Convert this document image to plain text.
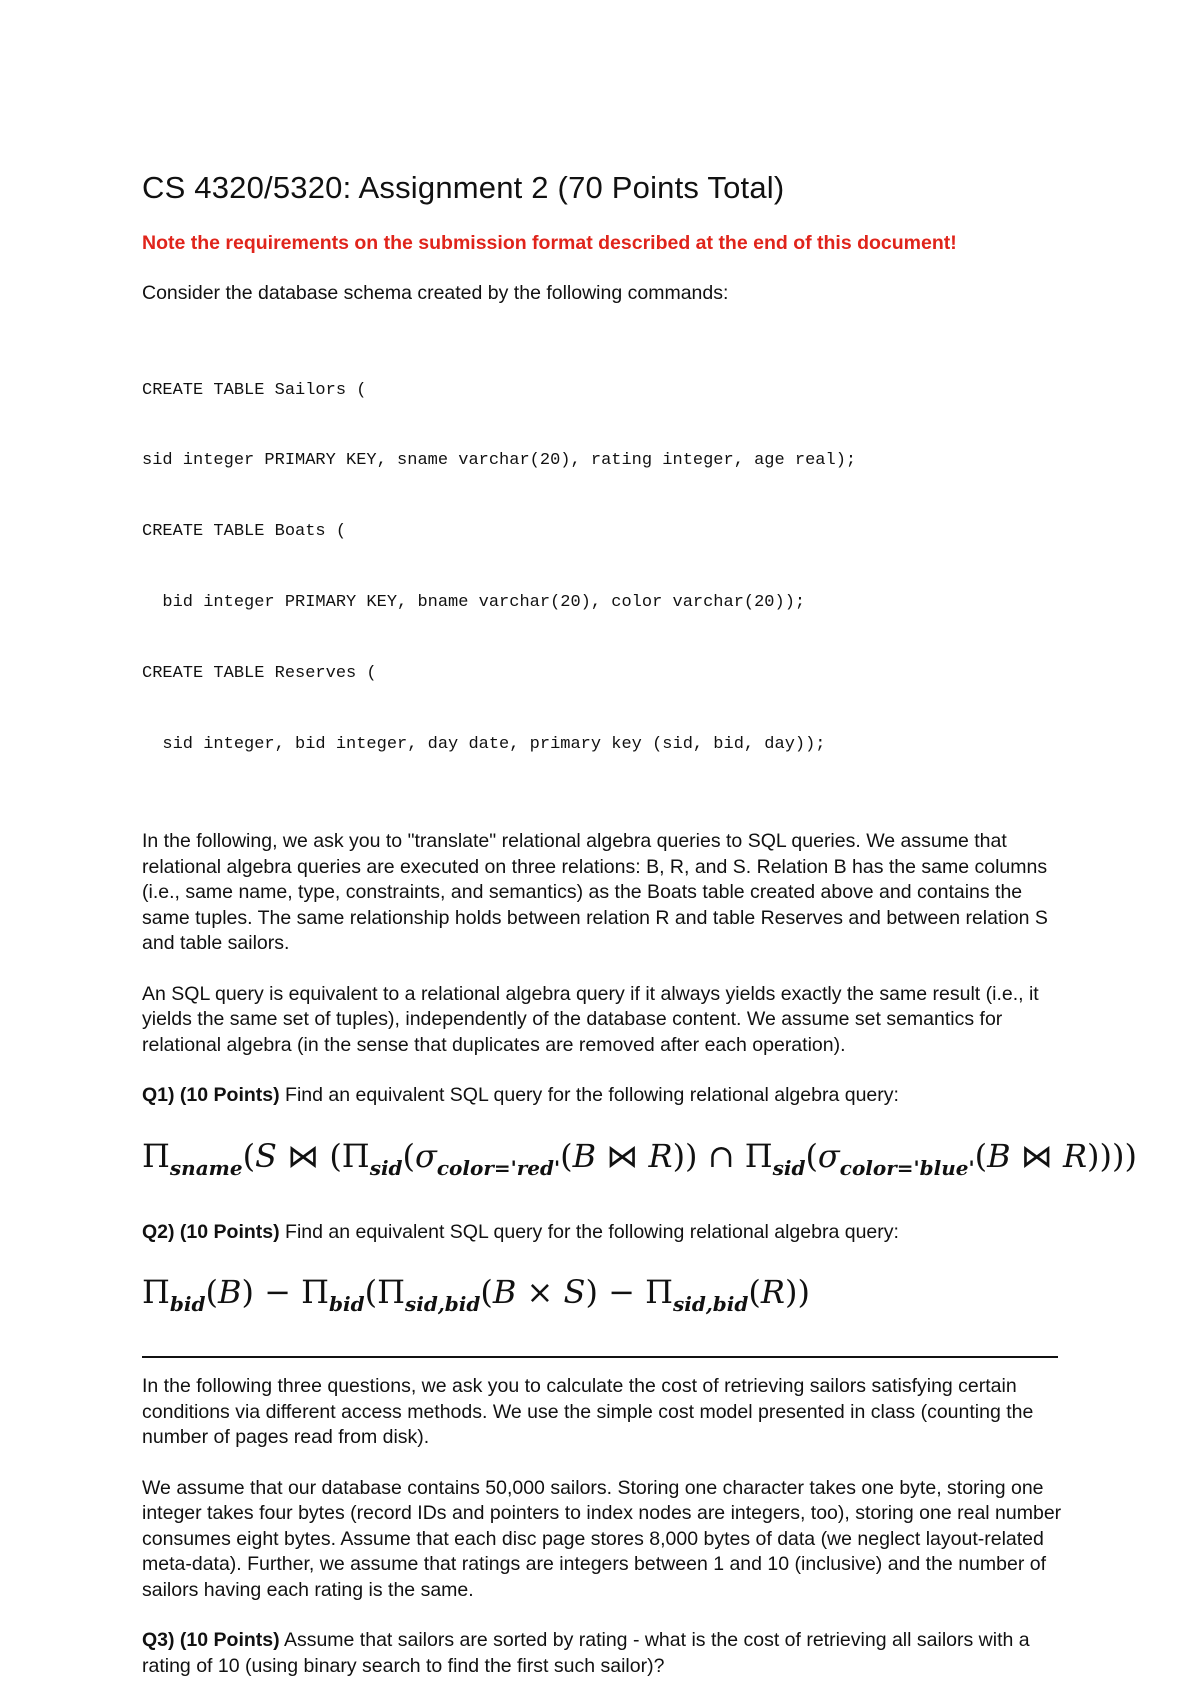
CS 4320/5320: Assignment 2 (70 Points Total)
Note the requirements on the submission format described at the end of this document!

Consider the database schema created by the following commands:

CREATE TABLE Sailors (

sid integer PRIMARY KEY, sname varchar(20), rating integer, age real);

CREATE TABLE Boats (

bid integer PRIMARY KEY, bname varchar(20), color varchar(20));

CREATE TABLE Reserves (

sid integer, bid integer, day date, primary key (sid, bid, day));

In the following, we ask you to "translate" relational algebra queries to SQL queries. We assume that relational algebra queries are executed on three relations: B, R, and S. Relation B has the same columns (i.e., same name, type, constraints, and semantics) as the Boats table created above and contains the same tuples. The same relationship holds between relation R and table Reserves and between relation S and table sailors.

An SQL query is equivalent to a relational algebra query if it always yields exactly the same result (i.e., it yields the same set of tuples), independently of the database content. We assume set semantics for relational algebra (in the sense that duplicates are removed after each operation).

Q1) (10 Points) Find an equivalent SQL query for the following relational algebra query:

$\Pi_{sname}(S$ ⋈ ($\Pi_{sid}(\sigma_{color='red'}(B$ ⋈ R)) ∩ $\Pi_{sid}(\sigma_{color='blue'}(B$ ⋈ R))))

Q2) (10 Points) Find an equivalent SQL query for the following relational algebra query:

$\Pi_{bid}(B) - \Pi_{bid}(\Pi_{sid,bid}(B \times S) - \Pi_{sid,bid}(R))$

In the following three questions, we ask you to calculate the cost of retrieving sailors satisfying certain conditions via different access methods. We use the simple cost model presented in class (counting the number of pages read from disk).

We assume that our database contains 50,000 sailors. Storing one character takes one byte, storing one integer takes four bytes (record IDs and pointers to index nodes are integers, too), storing one real number consumes eight bytes. Assume that each disc page stores 8,000 bytes of data (we neglect layout-related meta-data). Further, we assume that ratings are integers between 1 and 10 (inclusive) and the number of sailors having each rating is the same.

Q3) (10 Points) Assume that sailors are sorted by rating - what is the cost of retrieving all sailors with a rating of 10 (using binary search to find the first such sailor)?
